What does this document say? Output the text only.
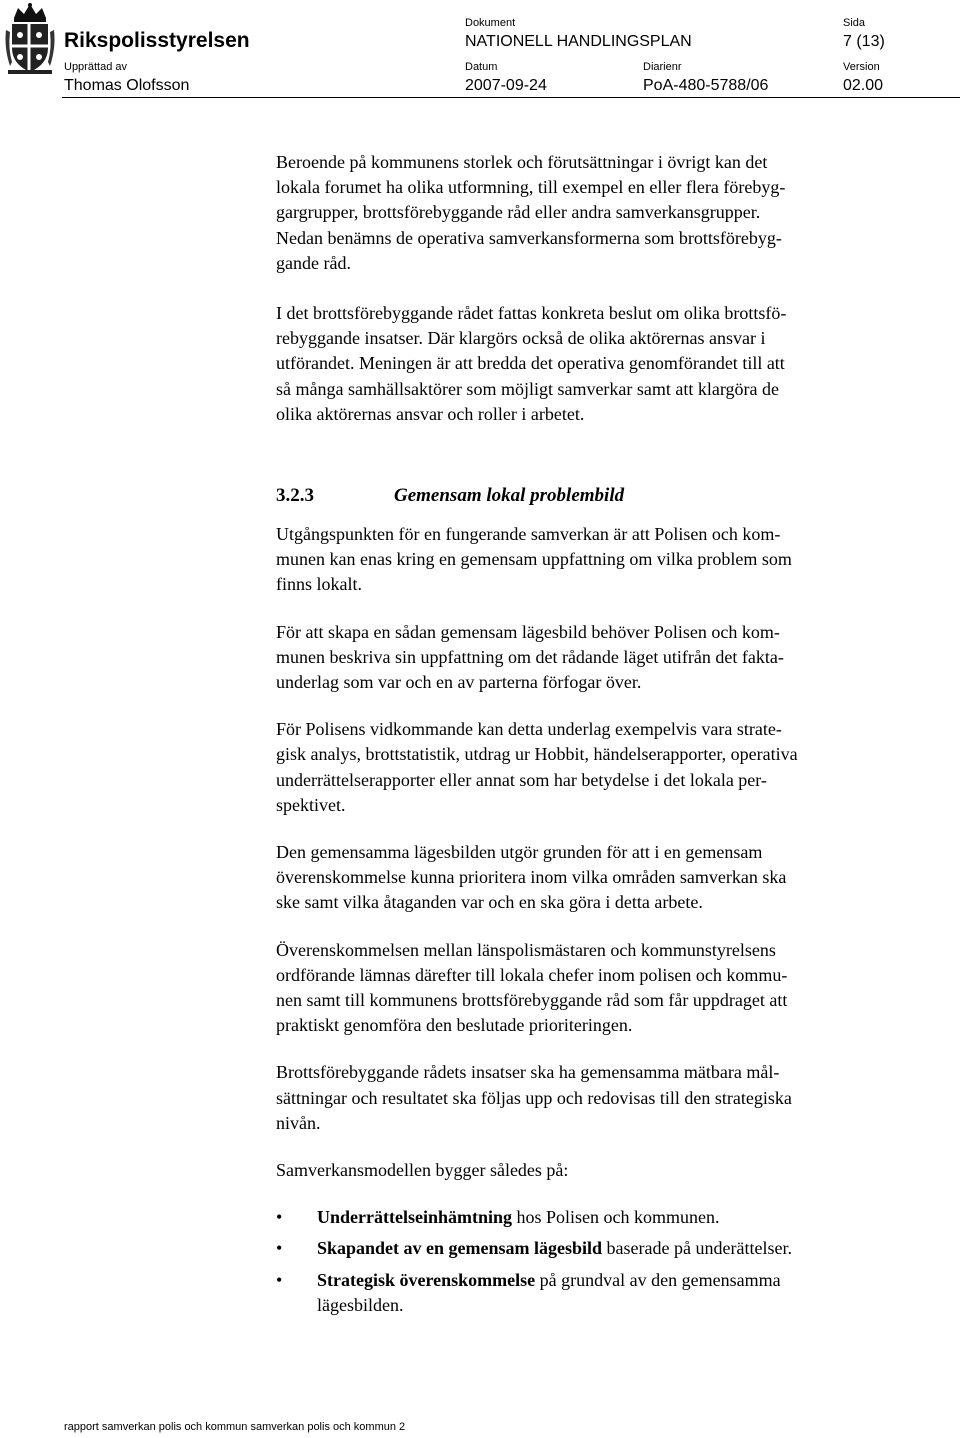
Rikspolisstyrelsen
Dokument
NATIONELL HANDLINGSPLAN
Sida
7 (13)
Upprättad av
Thomas Olofsson
Datum
2007-09-24
Diarienr
PoA-480-5788/06
Version
02.00

Beroende på kommunens storlek och förutsättningar i övrigt kan det

lokala forumet ha olika utformning, till exempel en eller flera förebyg-

gargrupper, brottsförebyggande råd eller andra samverkansgrupper.

Nedan benämns de operativa samverkansformerna som brottsförebyg-

gande råd.

I det brottsförebyggande rådet fattas konkreta beslut om olika brottsfö-

rebyggande insatser. Där klargörs också de olika aktörernas ansvar i

utförandet. Meningen är att bredda det operativa genomförandet till att

så många samhällsaktörer som möjligt samverkar samt att klargöra de

olika aktörernas ansvar och roller i arbetet.

3.2.3	Gemensam lokal problembild

Utgångspunkten för en fungerande samverkan är att Polisen och kom-

munen kan enas kring en gemensam uppfattning om vilka problem som

finns lokalt.

För att skapa en sådan gemensam lägesbild behöver Polisen och kom-

munen beskriva sin uppfattning om det rådande läget utifrån det fakta-

underlag som var och en av parterna förfogar över.

För Polisens vidkommande kan detta underlag exempelvis vara strate-

gisk analys, brottstatistik, utdrag ur Hobbit, händelserapporter, operativa

underrättelserapporter eller annat som har betydelse i det lokala per-

spektivet.

Den gemensamma lägesbilden utgör grunden för att i en gemensam

överenskommelse kunna prioritera inom vilka områden samverkan ska

ske samt vilka åtaganden var och en ska göra i detta arbete.

Överenskommelsen mellan länspolismästaren och kommunstyrelsens

ordförande lämnas därefter till lokala chefer inom polisen och kommu-

nen samt till kommunens brottsförebyggande råd som får uppdraget att

praktiskt genomföra den beslutade prioriteringen.

Brottsförebyggande rådets insatser ska ha gemensamma mätbara mål-

sättningar och resultatet ska följas upp och redovisas till den strategiska

nivån.

Samverkansmodellen bygger således på:

• Underrättelseinhämtning hos Polisen och kommunen.
• Skapandet av en gemensam lägesbild baserade på underättelser.
• Strategisk överenskommelse på grundval av den gemensamma
lägesbilden.
rapport samverkan polis och kommun samverkan polis och kommun 2
